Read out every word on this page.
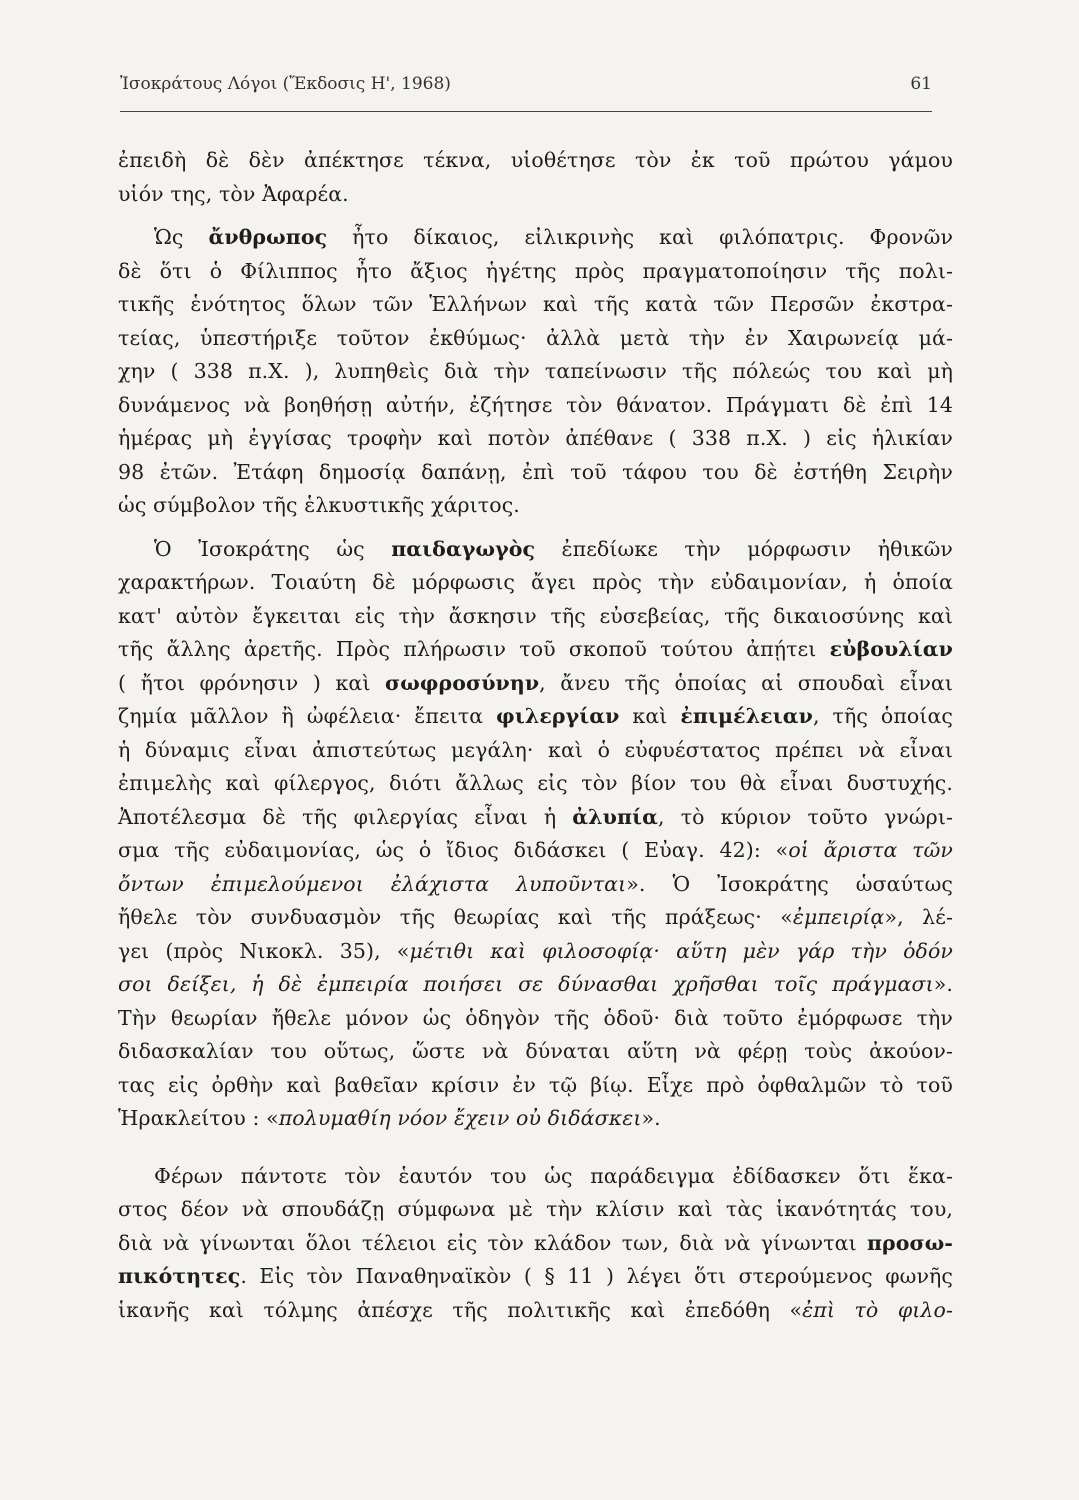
Ἰσοκράτους Λόγοι (Ἔκδοσις Η', 1968)	61
ἐπειδὴ δὲ δὲν ἀπέκτησε τέκνα, υἱοθέτησε τὸν ἐκ τοῦ πρώτου γάμου
υἱόν της, τὸν Ἀφαρέα.
Ὡς ἄνθρωπος ἦτο δίκαιος, εἰλικρινὴς καὶ φιλόπατρις. Φρονῶν
δὲ ὅτι ὁ Φίλιππος ἦτο ἄξιος ἡγέτης πρὸς πραγματοποίησιν τῆς πολι-
τικῆς ἑνότητος ὅλων τῶν Ἑλλήνων καὶ τῆς κατὰ τῶν Περσῶν ἐκστρα-
τείας, ὑπεστήριξε τοῦτον ἐκθύμως· ἀλλὰ μετὰ τὴν ἐν Χαιρωνείᾳ μά-
χην ( 338 π.Χ. ), λυπηθεὶς διὰ τὴν ταπείνωσιν τῆς πόλεώς του καὶ μὴ
δυνάμενος νὰ βοηθήσῃ αὐτήν, ἐζήτησε τὸν θάνατον. Πράγματι δὲ ἐπὶ 14
ἡμέρας μὴ ἐγγίσας τροφὴν καὶ ποτὸν ἀπέθανε ( 338 π.Χ. ) εἰς ἡλικίαν
98 ἐτῶν. Ἐτάφη δημοσίᾳ δαπάνῃ, ἐπὶ τοῦ τάφου του δὲ ἐστήθη Σειρὴν
ὡς σύμβολον τῆς ἑλκυστικῆς χάριτος.
Ὁ Ἰσοκράτης ὡς παιδαγωγὸς ἐπεδίωκε τὴν μόρφωσιν ἠθικῶν
χαρακτήρων. Τοιαύτη δὲ μόρφωσις ἄγει πρὸς τὴν εὐδαιμονίαν, ἡ ὁποία
κατ' αὐτὸν ἔγκειται εἰς τὴν ἄσκησιν τῆς εὐσεβείας, τῆς δικαιοσύνης καὶ
τῆς ἄλλης ἀρετῆς. Πρὸς πλήρωσιν τοῦ σκοποῦ τούτου ἀπῄτει εὐβουλίαν
( ἤτοι φρόνησιν ) καὶ σωφροσύνην, ἄνευ τῆς ὁποίας αἱ σπουδαὶ εἶναι
ζημία μᾶλλον ἢ ὠφέλεια· ἔπειτα φιλεργίαν καὶ ἐπιμέλειαν, τῆς ὁποίας
ἡ δύναμις εἶναι ἀπιστεύτως μεγάλη· καὶ ὁ εὐφυέστατος πρέπει νὰ εἶναι
ἐπιμελὴς καὶ φίλεργος, διότι ἄλλως εἰς τὸν βίον του θὰ εἶναι δυστυχής.
Ἀποτέλεσμα δὲ τῆς φιλεργίας εἶναι ἡ ἀλυπία, τὸ κύριον τοῦτο γνώρι-
σμα τῆς εὐδαιμονίας, ὡς ὁ ἴδιος διδάσκει ( Εὐαγ. 42): «οἱ ἄριστα τῶν
ὄντων ἐπιμελούμενοι ἐλάχιστα λυποῦνται». Ὁ Ἰσοκράτης ὡσαύτως
ἤθελε τὸν συνδυασμὸν τῆς θεωρίας καὶ τῆς πράξεως· «ἐμπειρίᾳ», λέ-
γει (πρὸς Νικοκλ. 35), «μέτιθι καὶ φιλοσοφίᾳ· αὕτη μὲν γάρ τὴν ὁδόν
σοι δείξει, ἡ δὲ ἐμπειρία ποιήσει σε δύνασθαι χρῆσθαι τοῖς πράγμασι».
Τὴν θεωρίαν ἤθελε μόνον ὡς ὁδηγὸν τῆς ὁδοῦ· διὰ τοῦτο ἐμόρφωσε τὴν
διδασκαλίαν του οὕτως, ὥστε νὰ δύναται αὕτη νὰ φέρῃ τοὺς ἀκούον-
τας εἰς ὀρθὴν καὶ βαθεῖαν κρίσιν ἐν τῷ βίῳ. Εἶχε πρὸ ὀφθαλμῶν τὸ τοῦ
Ἡρακλείτου : «πολυμαθίη νόον ἔχειν οὐ διδάσκει».
Φέρων πάντοτε τὸν ἑαυτόν του ὡς παράδειγμα ἐδίδασκεν ὅτι ἕκα-
στος δέον νὰ σπουδάζῃ σύμφωνα μὲ τὴν κλίσιν καὶ τὰς ἱκανότητάς του,
διὰ νὰ γίνωνται ὅλοι τέλειοι εἰς τὸν κλάδον των, διὰ νὰ γίνωνται προσω-
πικότητες. Εἰς τὸν Παναθηναϊκὸν ( § 11 ) λέγει ὅτι στερούμενος φωνῆς
ἱκανῆς καὶ τόλμης ἀπέσχε τῆς πολιτικῆς καὶ ἐπεδόθη «ἐπὶ τὸ φιλο-
